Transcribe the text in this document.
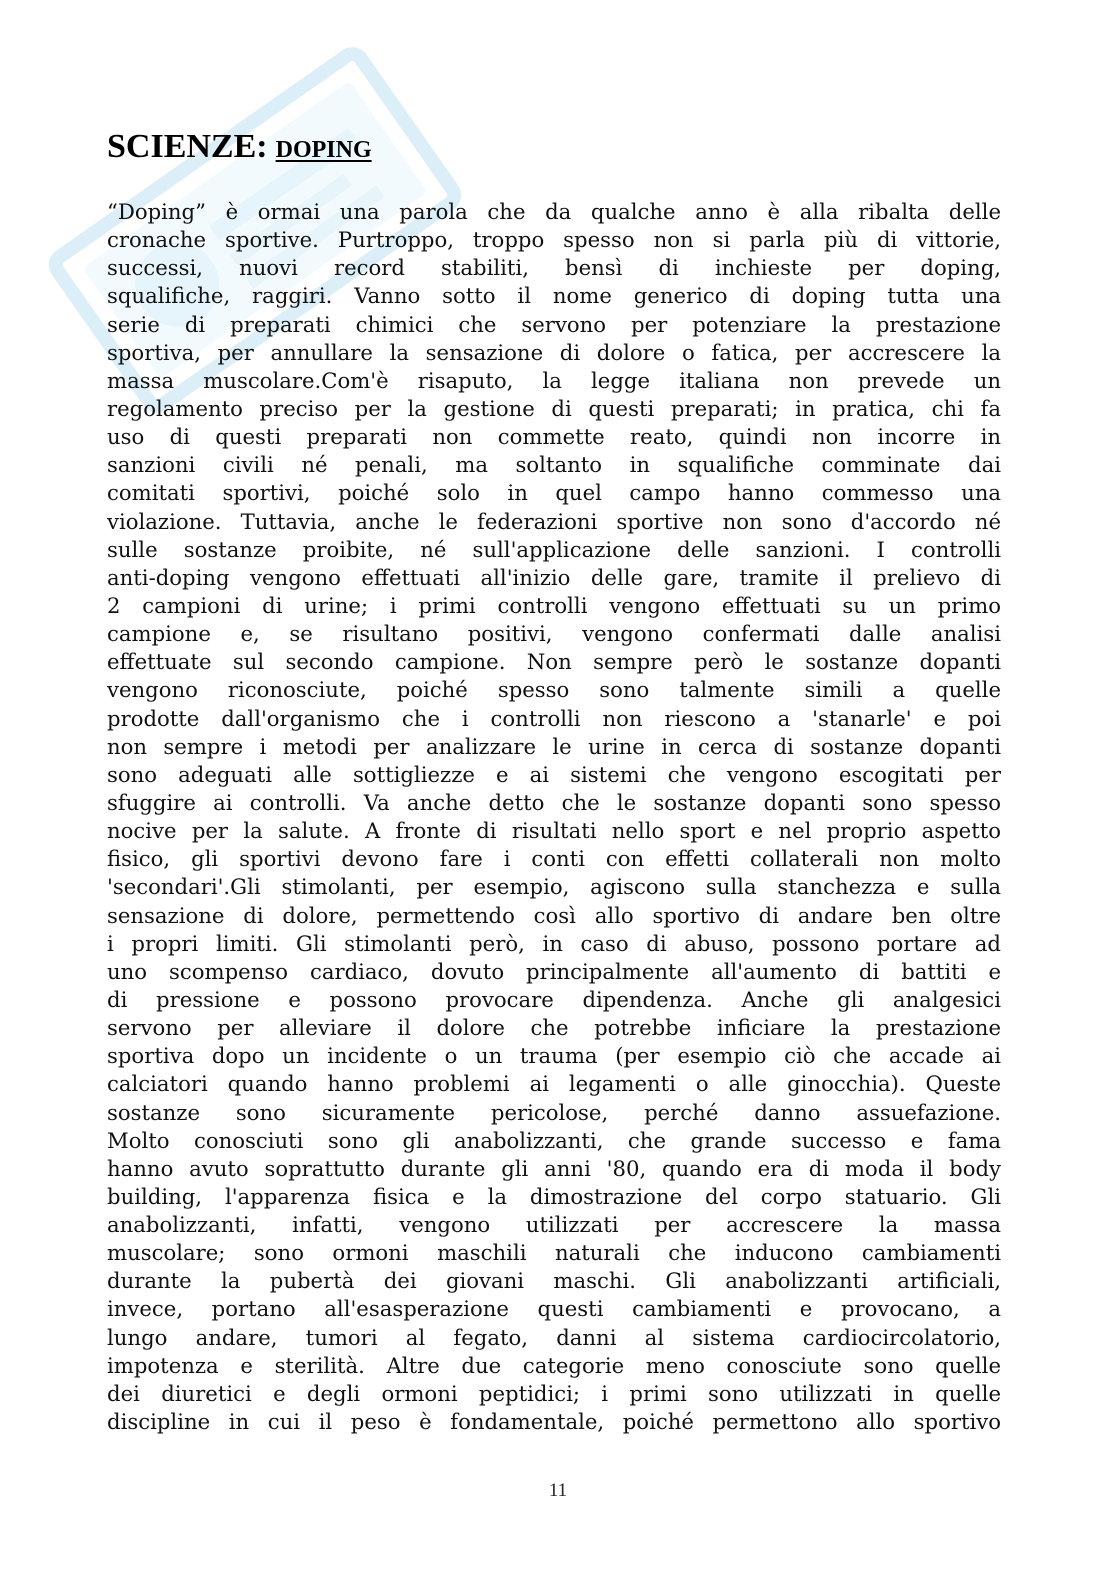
SCIENZE: DOPING
“Doping” è ormai una parola che da qualche anno è alla ribalta delle
cronache sportive. Purtroppo, troppo spesso non si parla più di vittorie,
successi, nuovi record stabiliti, bensì di inchieste per doping,
squalifiche, raggiri. Vanno sotto il nome generico di doping tutta una
serie di preparati chimici che servono per potenziare la prestazione
sportiva, per annullare la sensazione di dolore o fatica, per accrescere la
massa muscolare.Com'è risaputo, la legge italiana non prevede un
regolamento preciso per la gestione di questi preparati; in pratica, chi fa
uso di questi preparati non commette reato, quindi non incorre in
sanzioni civili né penali, ma soltanto in squalifiche comminate dai
comitati sportivi, poiché solo in quel campo hanno commesso una
violazione. Tuttavia, anche le federazioni sportive non sono d'accordo né
sulle sostanze proibite, né sull'applicazione delle sanzioni. I controlli
anti-doping vengono effettuati all'inizio delle gare, tramite il prelievo di
2 campioni di urine; i primi controlli vengono effettuati su un primo
campione e, se risultano positivi, vengono confermati dalle analisi
effettuate sul secondo campione. Non sempre però le sostanze dopanti
vengono riconosciute, poiché spesso sono talmente simili a quelle
prodotte dall'organismo che i controlli non riescono a 'stanarle' e poi
non sempre i metodi per analizzare le urine in cerca di sostanze dopanti
sono adeguati alle sottigliezze e ai sistemi che vengono escogitati per
sfuggire ai controlli. Va anche detto che le sostanze dopanti sono spesso
nocive per la salute. A fronte di risultati nello sport e nel proprio aspetto
fisico, gli sportivi devono fare i conti con effetti collaterali non molto
'secondari'.Gli stimolanti, per esempio, agiscono sulla stanchezza e sulla
sensazione di dolore, permettendo così allo sportivo di andare ben oltre
i propri limiti. Gli stimolanti però, in caso di abuso, possono portare ad
uno scompenso cardiaco, dovuto principalmente all'aumento di battiti e
di pressione e possono provocare dipendenza. Anche gli analgesici
servono per alleviare il dolore che potrebbe inficiare la prestazione
sportiva dopo un incidente o un trauma (per esempio ciò che accade ai
calciatori quando hanno problemi ai legamenti o alle ginocchia). Queste
sostanze sono sicuramente pericolose, perché danno assuefazione.
Molto conosciuti sono gli anabolizzanti, che grande successo e fama
hanno avuto soprattutto durante gli anni '80, quando era di moda il body
building, l'apparenza fisica e la dimostrazione del corpo statuario. Gli
anabolizzanti, infatti, vengono utilizzati per accrescere la massa
muscolare; sono ormoni maschili naturali che inducono cambiamenti
durante la pubertà dei giovani maschi. Gli anabolizzanti artificiali,
invece, portano all'esasperazione questi cambiamenti e provocano, a
lungo andare, tumori al fegato, danni al sistema cardiocircolatorio,
impotenza e sterilità. Altre due categorie meno conosciute sono quelle
dei diuretici e degli ormoni peptidici; i primi sono utilizzati in quelle
discipline in cui il peso è fondamentale, poiché permettono allo sportivo
11
